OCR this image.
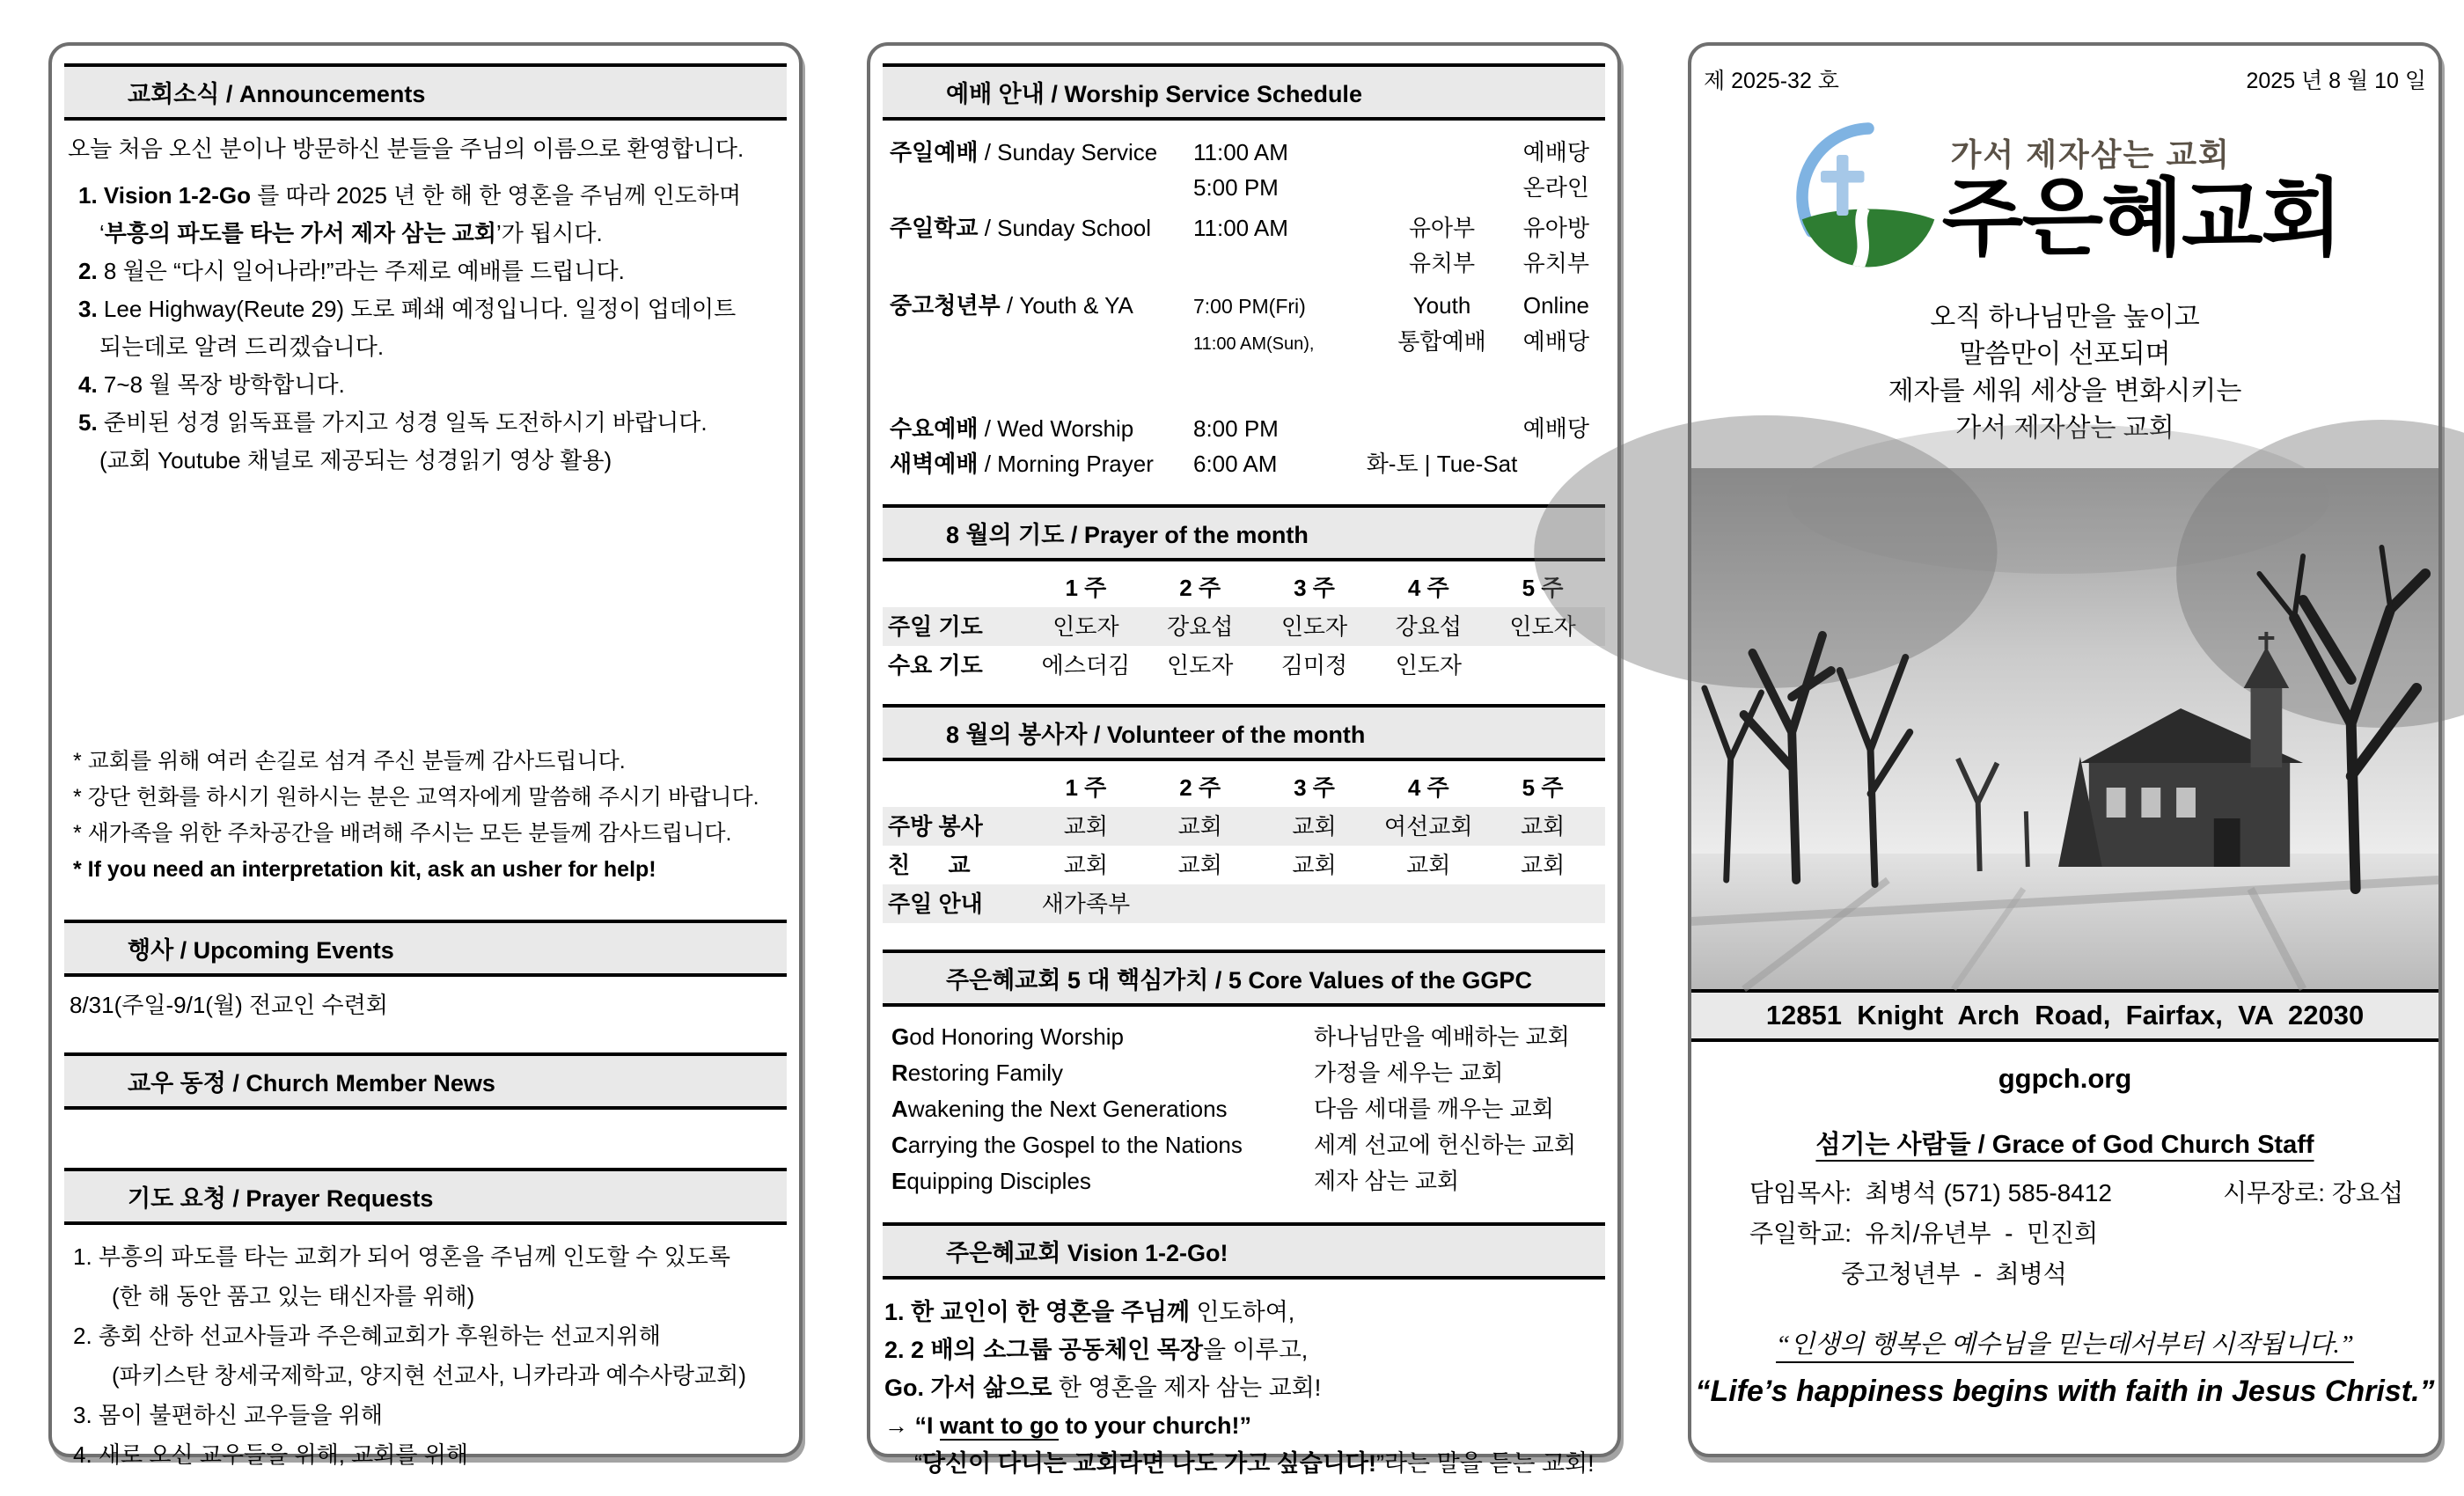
교회소식 / Announcements
오늘 처음 오신 분이나 방문하신 분들을 주님의 이름으로 환영합니다.
1. Vision 1-2-Go 를 따라 2025 년 한 해 한 영혼을 주님께 인도하며
‘부흥의 파도를 타는 가서 제자 삼는 교회’가 됩시다.
2. 8 월은 “다시 일어나라!”라는 주제로 예배를 드립니다.
3. Lee Highway(Reute 29) 도로 폐쇄 예정입니다. 일정이 업데이트
되는데로 알려 드리겠습니다.
4. 7~8 월 목장 방학합니다.
5. 준비된 성경 읽독표를 가지고 성경 일독 도전하시기 바랍니다.
(교회 Youtube 채널로 제공되는 성경읽기 영상 활용)
* 교회를 위해 여러 손길로 섬겨 주신 분들께 감사드립니다.
* 강단 헌화를 하시기 원하시는 분은 교역자에게 말씀해 주시기 바랍니다.
* 새가족을 위한 주차공간을 배려해 주시는 모든 분들께 감사드립니다.
* If you need an interpretation kit, ask an usher for help!
행사 / Upcoming Events
8/31(주일-9/1(월) 전교인 수련회
교우 동정 / Church Member News
기도 요청 / Prayer Requests
1. 부흥의 파도를 타는 교회가 되어 영혼을 주님께 인도할 수 있도록
(한 해 동안 품고 있는 태신자를 위해)
2. 총회 산하 선교사들과 주은혜교회가 후원하는 선교지위해
(파키스탄 창세국제학교, 양지현 선교사, 니카라과 예수사랑교회)
3. 몸이 불편하신 교우들을 위해
4. 새로 오신 교우들을 위해, 교회를 위해
예배 안내 / Worship Service Schedule
주일예배 / Sunday Service	11:00 AM	예배당
5:00 PM	온라인
주일학교 / Sunday School	11:00 AM	유아부	유아방
유치부	유치부
중고청년부 / Youth & YA	7:00 PM(Fri)	Youth	Online
11:00 AM(Sun),	통합예배	예배당
수요예배 / Wed Worship	8:00 PM	예배당
새벽예배 / Morning Prayer	6:00 AM	화-토 | Tue-Sat
8 월의 기도 / Prayer of the month
1 주	2 주	3 주	4 주	5 주
주일 기도	인도자	강요섭	인도자	강요섭	인도자
수요 기도	에스더김	인도자	김미정	인도자
8 월의 봉사자 / Volunteer of the month
1 주	2 주	3 주	4 주	5 주
주방 봉사	교회	교회	교회	여선교회	교회
친      교	교회	교회	교회	교회	교회
주일 안내	새가족부
주은혜교회 5 대 핵심가치 / 5 Core Values of the GGPC
God Honoring Worship	하나님만을 예배하는 교회
Restoring Family	가정을 세우는 교회
Awakening the Next Generations	다음 세대를 깨우는 교회
Carrying the Gospel to the Nations	세계 선교에 헌신하는 교회
Equipping Disciples	제자 삼는 교회
주은혜교회 Vision 1-2-Go!
1. 한 교인이 한 영혼을 주님께 인도하여,
2. 2 배의 소그룹 공동체인 목장을 이루고,
Go. 가서 삶으로 한 영혼을 제자 삼는 교회!
→ “I want to go to your church!”
“당신이 다니는 교회라면 나도 가고 싶습니다!”라는 말을 듣는 교회!
제 2025-32 호	2025 년 8 월 10 일
가서 제자삼는 교회
주은혜교회
오직 하나님만을 높이고
말씀만이 선포되며
제자를 세워 세상을 변화시키는
가서 제자삼는 교회
12851  Knight  Arch  Road,  Fairfax,  VA  22030
ggpch.org
섬기는 사람들 / Grace of God Church Staff
담임목사:  최병석 (571) 585-8412	시무장로: 강요섭
주일학교:  유치/유년부  -  민진희
중고청년부  -  최병석
“인생의 행복은 예수님을 믿는데서부터 시작됩니다.”
“Life’s happiness begins with faith in Jesus Christ.”
